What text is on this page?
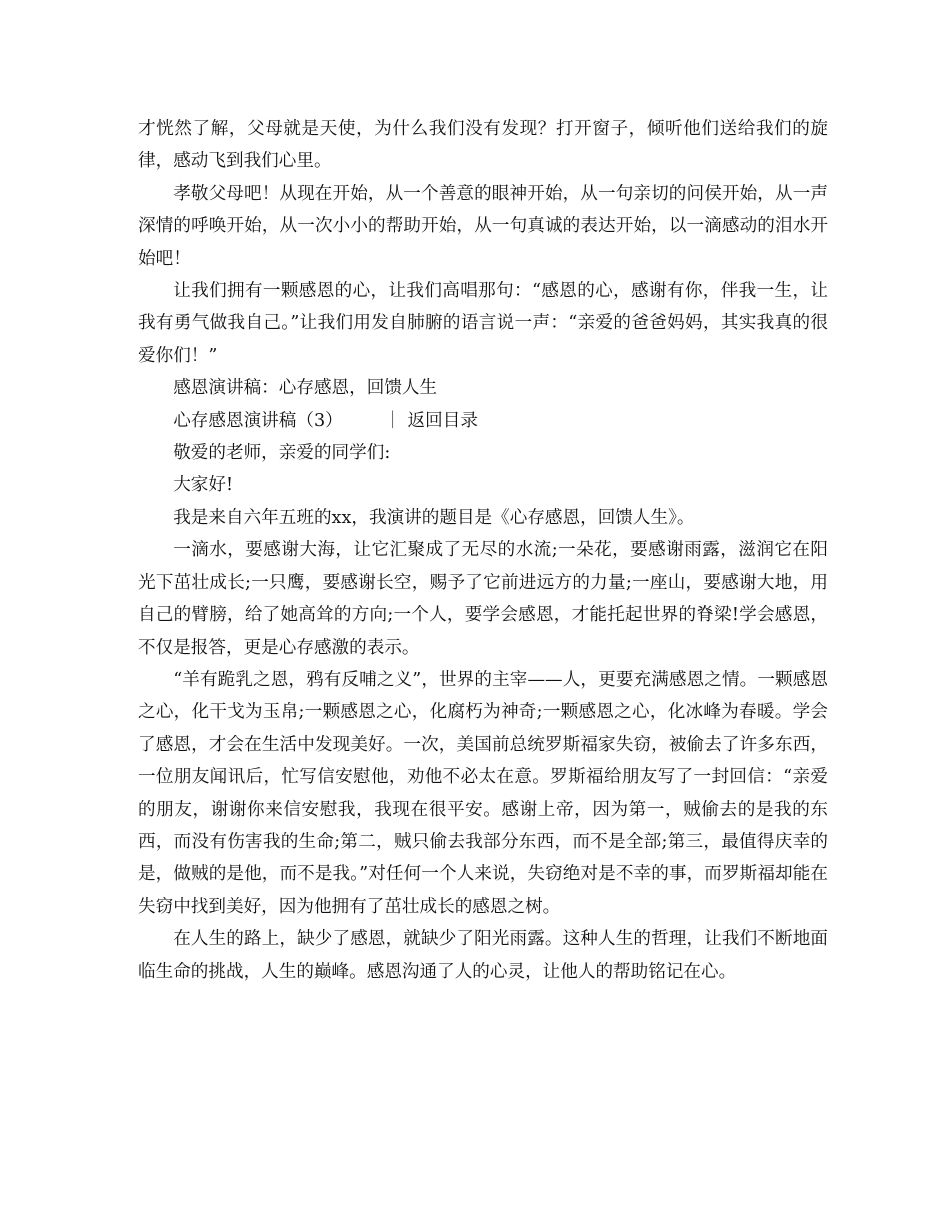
才恍然了解，父母就是天使，为什么我们没有发现？打开窗子，倾听他们送给我们的旋律，感动飞到我们心里。

孝敬父母吧！从现在开始，从一个善意的眼神开始，从一句亲切的问侯开始，从一声深情的呼唤开始，从一次小小的帮助开始，从一句真诚的表达开始，以一滴感动的泪水开始吧！

让我们拥有一颗感恩的心，让我们高唱那句：“感恩的心，感谢有你，伴我一生，让我有勇气做我自己。”让我们用发自肺腑的语言说一声：“亲爱的爸爸妈妈，其实我真的很爱你们！”

感恩演讲稿：心存感恩，回馈人生

心存感恩演讲稿（3） ｜ 返回目录

敬爱的老师，亲爱的同学们:

大家好!

我是来自六年五班的xx，我演讲的题目是《心存感恩，回馈人生》。

一滴水，要感谢大海，让它汇聚成了无尽的水流;一朵花，要感谢雨露，滋润它在阳光下茁壮成长;一只鹰，要感谢长空，赐予了它前进远方的力量;一座山，要感谢大地，用自己的臂膀，给了她高耸的方向;一个人，要学会感恩，才能托起世界的脊梁!学会感恩，不仅是报答，更是心存感激的表示。

“羊有跪乳之恩，鸦有反哺之义”，世界的主宰——人，更要充满感恩之情。一颗感恩之心，化干戈为玉帛;一颗感恩之心，化腐朽为神奇;一颗感恩之心，化冰峰为春暖。学会了感恩，才会在生活中发现美好。一次，美国前总统罗斯福家失窃，被偷去了许多东西，一位朋友闻讯后，忙写信安慰他，劝他不必太在意。罗斯福给朋友写了一封回信：“亲爱的朋友，谢谢你来信安慰我，我现在很平安。感谢上帝，因为第一，贼偷去的是我的东西，而没有伤害我的生命;第二，贼只偷去我部分东西，而不是全部;第三，最值得庆幸的是，做贼的是他，而不是我。”对任何一个人来说，失窃绝对是不幸的事，而罗斯福却能在失窃中找到美好，因为他拥有了茁壮成长的感恩之树。

在人生的路上，缺少了感恩，就缺少了阳光雨露。这种人生的哲理，让我们不断地面临生命的挑战，人生的巅峰。感恩沟通了人的心灵，让他人的帮助铭记在心。
